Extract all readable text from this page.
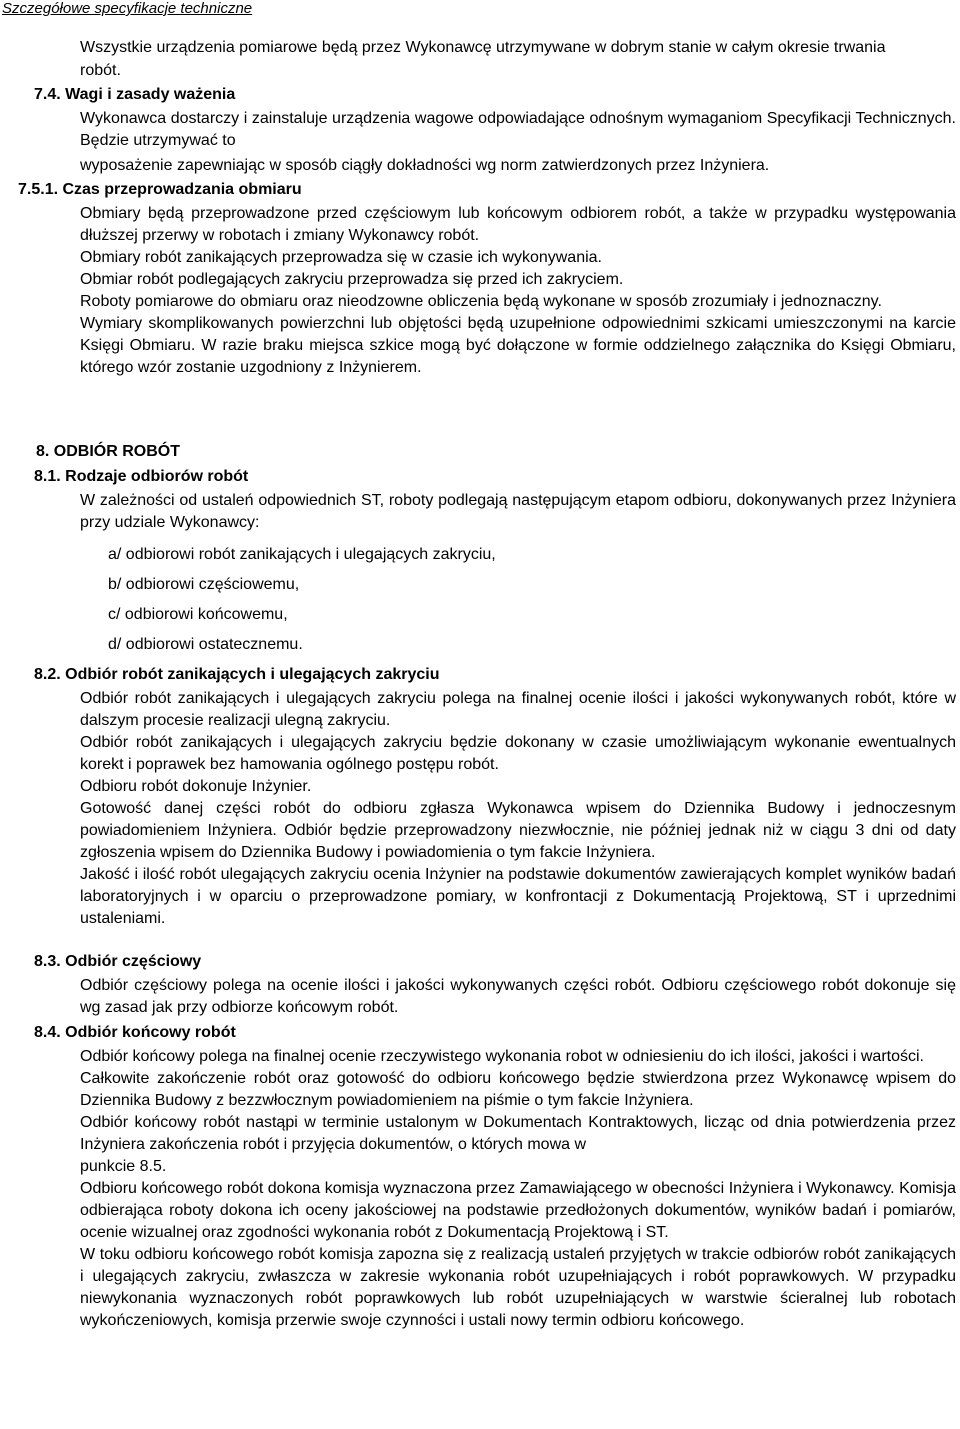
Szczegółowe specyfikacje techniczne

Wszystkie urządzenia pomiarowe będą przez Wykonawcę utrzymywane w dobrym stanie w całym okresie trwania

robót.

7.4. Wagi i zasady ważenia

Wykonawca dostarczy i zainstaluje urządzenia wagowe odpowiadające odnośnym wymaganiom Specyfikacji Technicznych. Będzie utrzymywać to

wyposażenie zapewniając w sposób ciągły dokładności wg norm zatwierdzonych przez Inżyniera.

7.5.1. Czas przeprowadzania obmiaru

Obmiary będą przeprowadzone przed częściowym lub końcowym odbiorem robót, a także w przypadku występowania dłuższej przerwy w robotach i zmiany Wykonawcy robót.

Obmiary robót zanikających przeprowadza się w czasie ich wykonywania.

Obmiar robót podlegających zakryciu przeprowadza się przed ich zakryciem.

Roboty pomiarowe do obmiaru oraz nieodzowne obliczenia będą wykonane w sposób zrozumiały i jednoznaczny.

Wymiary skomplikowanych powierzchni lub objętości będą uzupełnione odpowiednimi szkicami umieszczonymi na karcie Księgi Obmiaru. W razie braku miejsca szkice mogą być dołączone w formie oddzielnego załącznika do Księgi Obmiaru, którego wzór zostanie uzgodniony z Inżynierem.

8. ODBIÓR ROBÓT
8.1. Rodzaje odbiorów robót

W zależności od ustaleń odpowiednich ST, roboty podlegają następującym etapom odbioru, dokonywanych przez Inżyniera przy udziale Wykonawcy:

a/ odbiorowi robót zanikających i ulegających zakryciu,

b/ odbiorowi częściowemu,

c/ odbiorowi końcowemu,

d/ odbiorowi ostatecznemu.

8.2. Odbiór robót zanikających i ulegających zakryciu

Odbiór robót zanikających i ulegających zakryciu polega na finalnej ocenie ilości i jakości wykonywanych robót, które w dalszym procesie realizacji ulegną zakryciu.

Odbiór robót zanikających i ulegających zakryciu będzie dokonany w czasie umożliwiającym wykonanie ewentualnych korekt i poprawek bez hamowania ogólnego postępu robót.

Odbioru robót dokonuje Inżynier.

Gotowość danej części robót do odbioru zgłasza Wykonawca wpisem do Dziennika Budowy i jednoczesnym powiadomieniem Inżyniera. Odbiór będzie przeprowadzony niezwłocznie, nie później jednak niż w ciągu 3 dni od daty zgłoszenia wpisem do Dziennika Budowy i powiadomienia o tym fakcie Inżyniera.

Jakość i ilość robót ulegających zakryciu ocenia Inżynier na podstawie dokumentów zawierających komplet wyników badań laboratoryjnych i w oparciu o przeprowadzone pomiary, w konfrontacji z Dokumentacją Projektową, ST i uprzednimi ustaleniami.

8.3. Odbiór częściowy

Odbiór częściowy polega na ocenie ilości i jakości wykonywanych części robót. Odbioru częściowego robót dokonuje się wg zasad jak przy odbiorze końcowym robót.

8.4. Odbiór końcowy robót

Odbiór końcowy polega na finalnej ocenie rzeczywistego wykonania robot w odniesieniu do ich ilości, jakości i wartości.

Całkowite zakończenie robót oraz gotowość do odbioru końcowego będzie stwierdzona przez Wykonawcę wpisem do Dziennika Budowy z bezzwłocznym powiadomieniem na piśmie o tym fakcie Inżyniera.

Odbiór końcowy robót nastąpi w terminie ustalonym w Dokumentach Kontraktowych, licząc od dnia potwierdzenia przez Inżyniera zakończenia robót i przyjęcia dokumentów, o których mowa w

punkcie 8.5.

Odbioru końcowego robót dokona komisja wyznaczona przez Zamawiającego w obecności Inżyniera i Wykonawcy. Komisja odbierająca roboty dokona ich oceny jakościowej na podstawie przedłożonych dokumentów, wyników badań i pomiarów, ocenie wizualnej oraz zgodności wykonania robót z Dokumentacją Projektową i ST.

W toku odbioru końcowego robót komisja zapozna się z realizacją ustaleń przyjętych w trakcie odbiorów robót zanikających i ulegających zakryciu, zwłaszcza w zakresie wykonania robót uzupełniających i robót poprawkowych. W przypadku niewykonania wyznaczonych robót poprawkowych lub robót uzupełniających w warstwie ścieralnej lub robotach wykończeniowych, komisja przerwie swoje czynności i ustali nowy termin odbioru końcowego.
